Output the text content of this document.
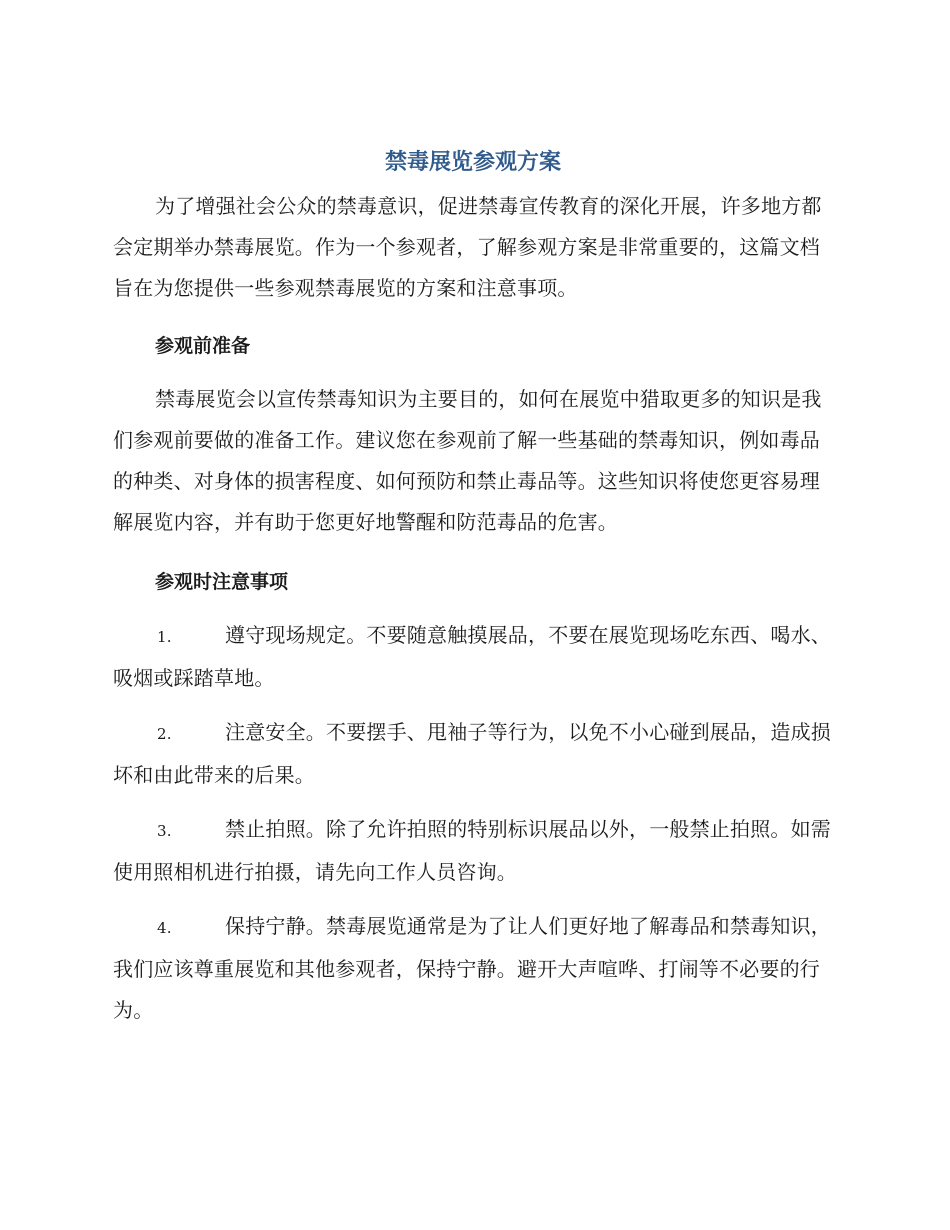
禁毒展览参观方案

为了增强社会公众的禁毒意识，促进禁毒宣传教育的深化开展，许多地方都会定期举办禁毒展览。作为一个参观者，了解参观方案是非常重要的，这篇文档旨在为您提供一些参观禁毒展览的方案和注意事项。

参观前准备

禁毒展览会以宣传禁毒知识为主要目的，如何在展览中猎取更多的知识是我们参观前要做的准备工作。建议您在参观前了解一些基础的禁毒知识，例如毒品的种类、对身体的损害程度、如何预防和禁止毒品等。这些知识将使您更容易理解展览内容，并有助于您更好地警醒和防范毒品的危害。

参观时注意事项

1.	遵守现场规定。不要随意触摸展品，不要在展览现场吃东西、喝水、吸烟或踩踏草地。

2.	注意安全。不要摆手、甩袖子等行为，以免不小心碰到展品，造成损坏和由此带来的后果。

3.	禁止拍照。除了允许拍照的特别标识展品以外，一般禁止拍照。如需使用照相机进行拍摄，请先向工作人员咨询。

4.	保持宁静。禁毒展览通常是为了让人们更好地了解毒品和禁毒知识，我们应该尊重展览和其他参观者，保持宁静。避开大声喧哗、打闹等不必要的行为。
